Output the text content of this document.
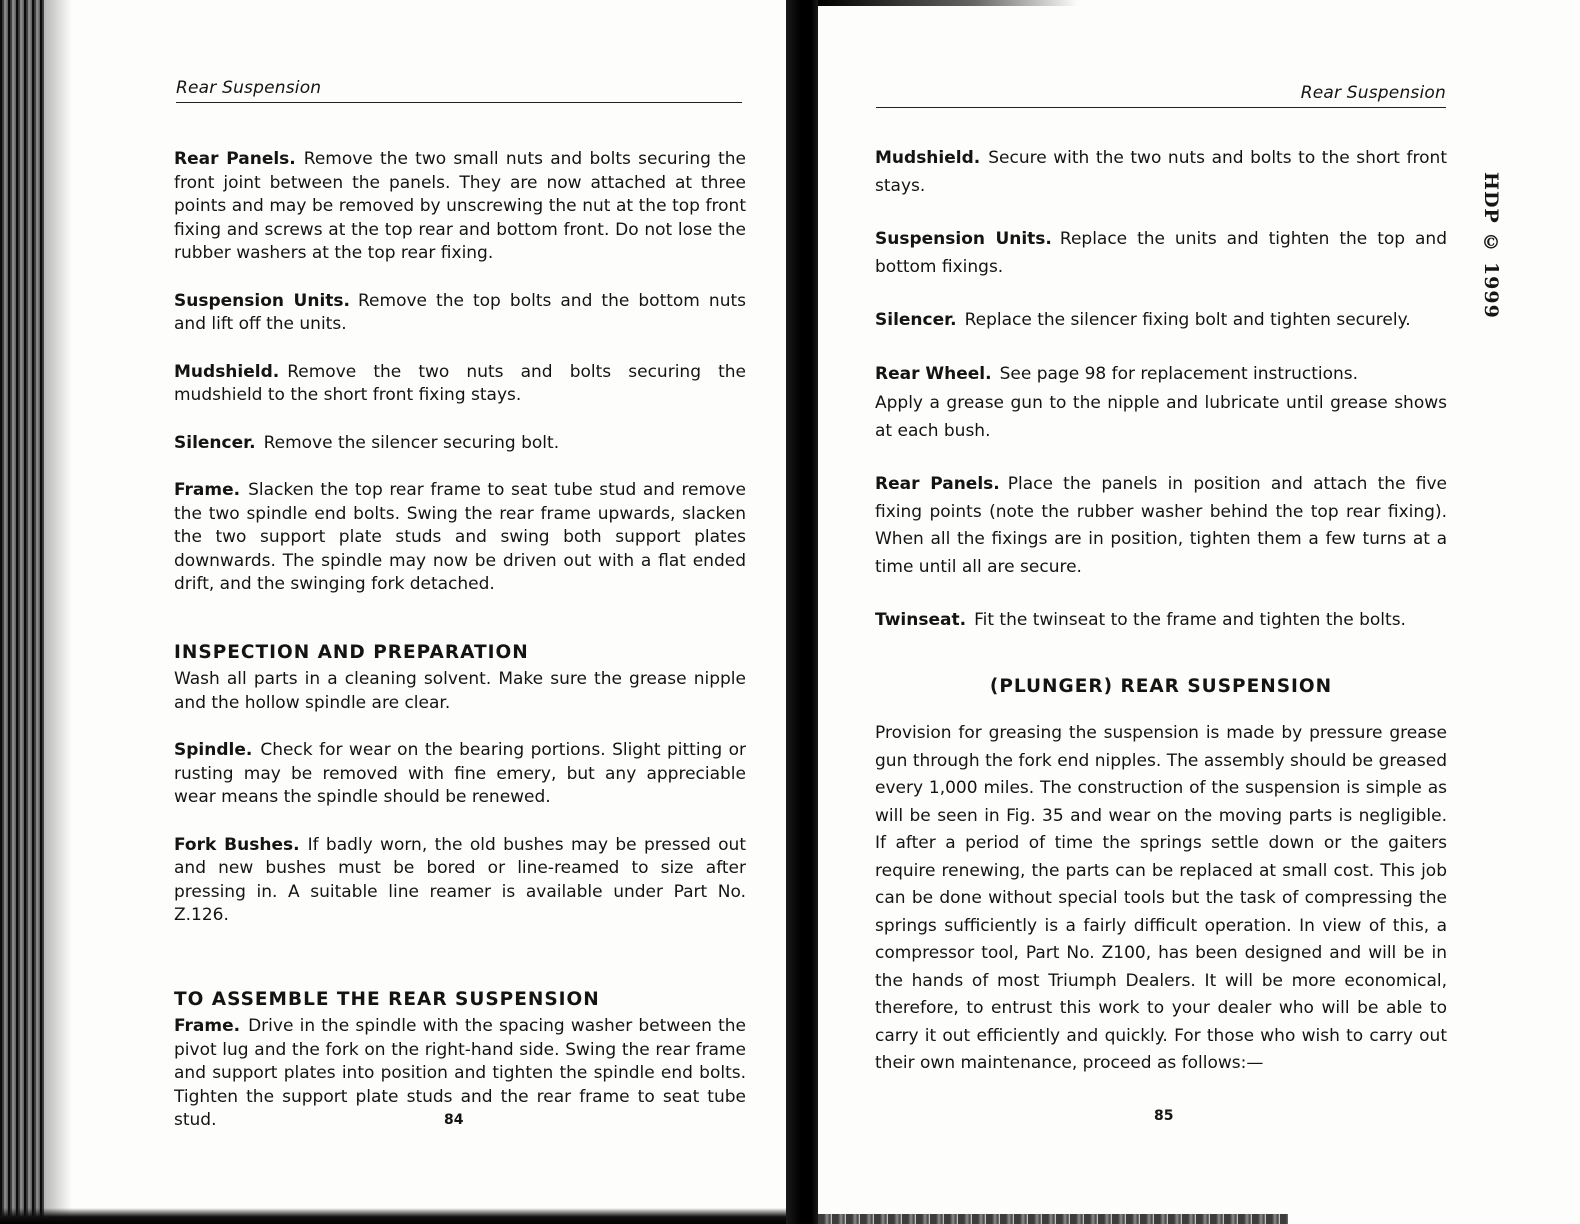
Rear Suspension

Rear Panels. Remove the two small nuts and bolts securing the front joint between the panels. They are now attached at three points and may be removed by unscrewing the nut at the top front fixing and screws at the top rear and bottom front. Do not lose the rubber washers at the top rear fixing.

Suspension Units. Remove the top bolts and the bottom nuts and lift off the units.

Mudshield. Remove the two nuts and bolts securing the mudshield to the short front fixing stays.

Silencer. Remove the silencer securing bolt.

Frame. Slacken the top rear frame to seat tube stud and remove the two spindle end bolts. Swing the rear frame upwards, slacken the two support plate studs and swing both support plates downwards. The spindle may now be driven out with a flat ended drift, and the swinging fork detached.

INSPECTION AND PREPARATION

Wash all parts in a cleaning solvent. Make sure the grease nipple and the hollow spindle are clear.

Spindle. Check for wear on the bearing portions. Slight pitting or rusting may be removed with fine emery, but any appreciable wear means the spindle should be renewed.

Fork Bushes. If badly worn, the old bushes may be pressed out and new bushes must be bored or line-reamed to size after pressing in. A suitable line reamer is available under Part No. Z.126.

TO ASSEMBLE THE REAR SUSPENSION

Frame. Drive in the spindle with the spacing washer between the pivot lug and the fork on the right-hand side. Swing the rear frame and support plates into position and tighten the spindle end bolts. Tighten the support plate studs and the rear frame to seat tube stud.	84
Rear Suspension

Mudshield. Secure with the two nuts and bolts to the short front stays.

Suspension Units. Replace the units and tighten the top and bottom fixings.

Silencer. Replace the silencer fixing bolt and tighten securely.

Rear Wheel. See page 98 for replacement instructions.

Apply a grease gun to the nipple and lubricate until grease shows at each bush.

Rear Panels. Place the panels in position and attach the five fixing points (note the rubber washer behind the top rear fixing). When all the fixings are in position, tighten them a few turns at a time until all are secure.

Twinseat. Fit the twinseat to the frame and tighten the bolts.

(PLUNGER) REAR SUSPENSION

Provision for greasing the suspension is made by pressure grease gun through the fork end nipples. The assembly should be greased every 1,000 miles. The construction of the suspension is simple as will be seen in Fig. 35 and wear on the moving parts is negligible. If after a period of time the springs settle down or the gaiters require renewing, the parts can be replaced at small cost. This job can be done without special tools but the task of compressing the springs sufficiently is a fairly difficult operation. In view of this, a compressor tool, Part No. Z100, has been designed and will be in the hands of most Triumph Dealers. It will be more economical, therefore, to entrust this work to your dealer who will be able to carry it out efficiently and quickly. For those who wish to carry out their own maintenance, proceed as follows:—

85
HDP © 1999
